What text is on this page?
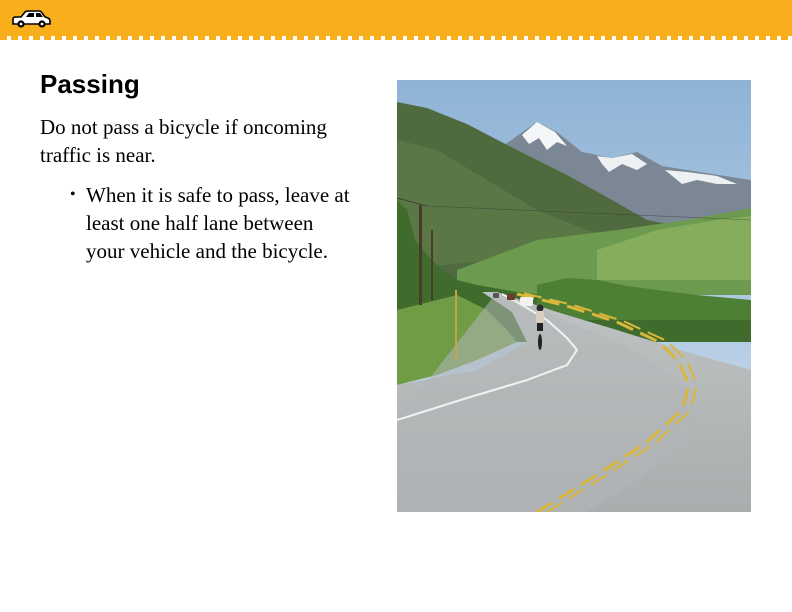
Passing

Do not pass a bicycle if oncoming traffic is near.

• When it is safe to pass, leave at least one half lane between your vehicle and the bicycle.
